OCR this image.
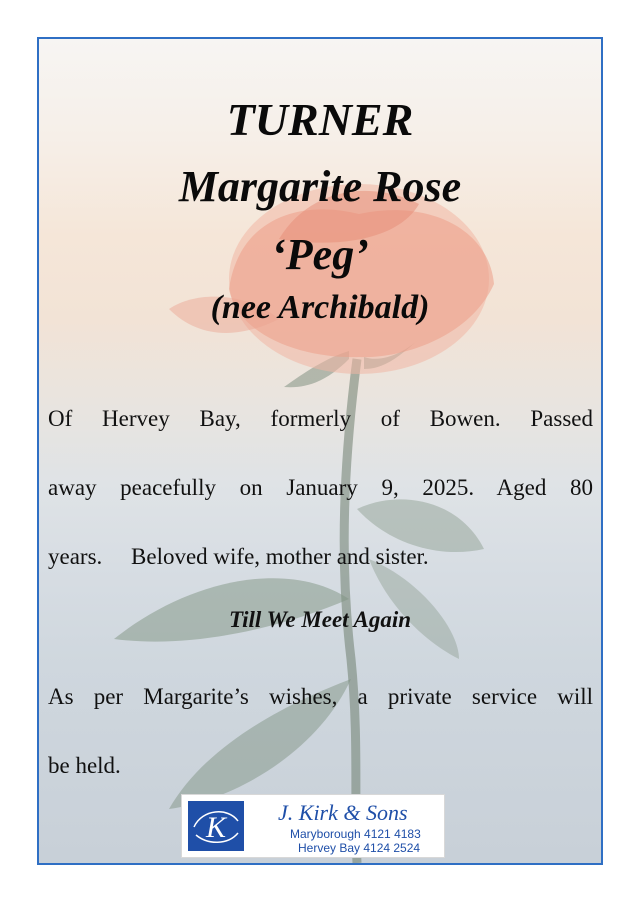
TURNER
Margarite Rose
‘Peg’
(nee Archibald)
Of Hervey Bay, formerly of Bowen. Passed
away peacefully on January 9, 2025. Aged 80
years.     Beloved wife, mother and sister.
Till We Meet Again
As per Margarite’s wishes, a private service will
be held.
K J. Kirk & Sons
Maryborough 4121 4183
Hervey Bay 4124 2524
